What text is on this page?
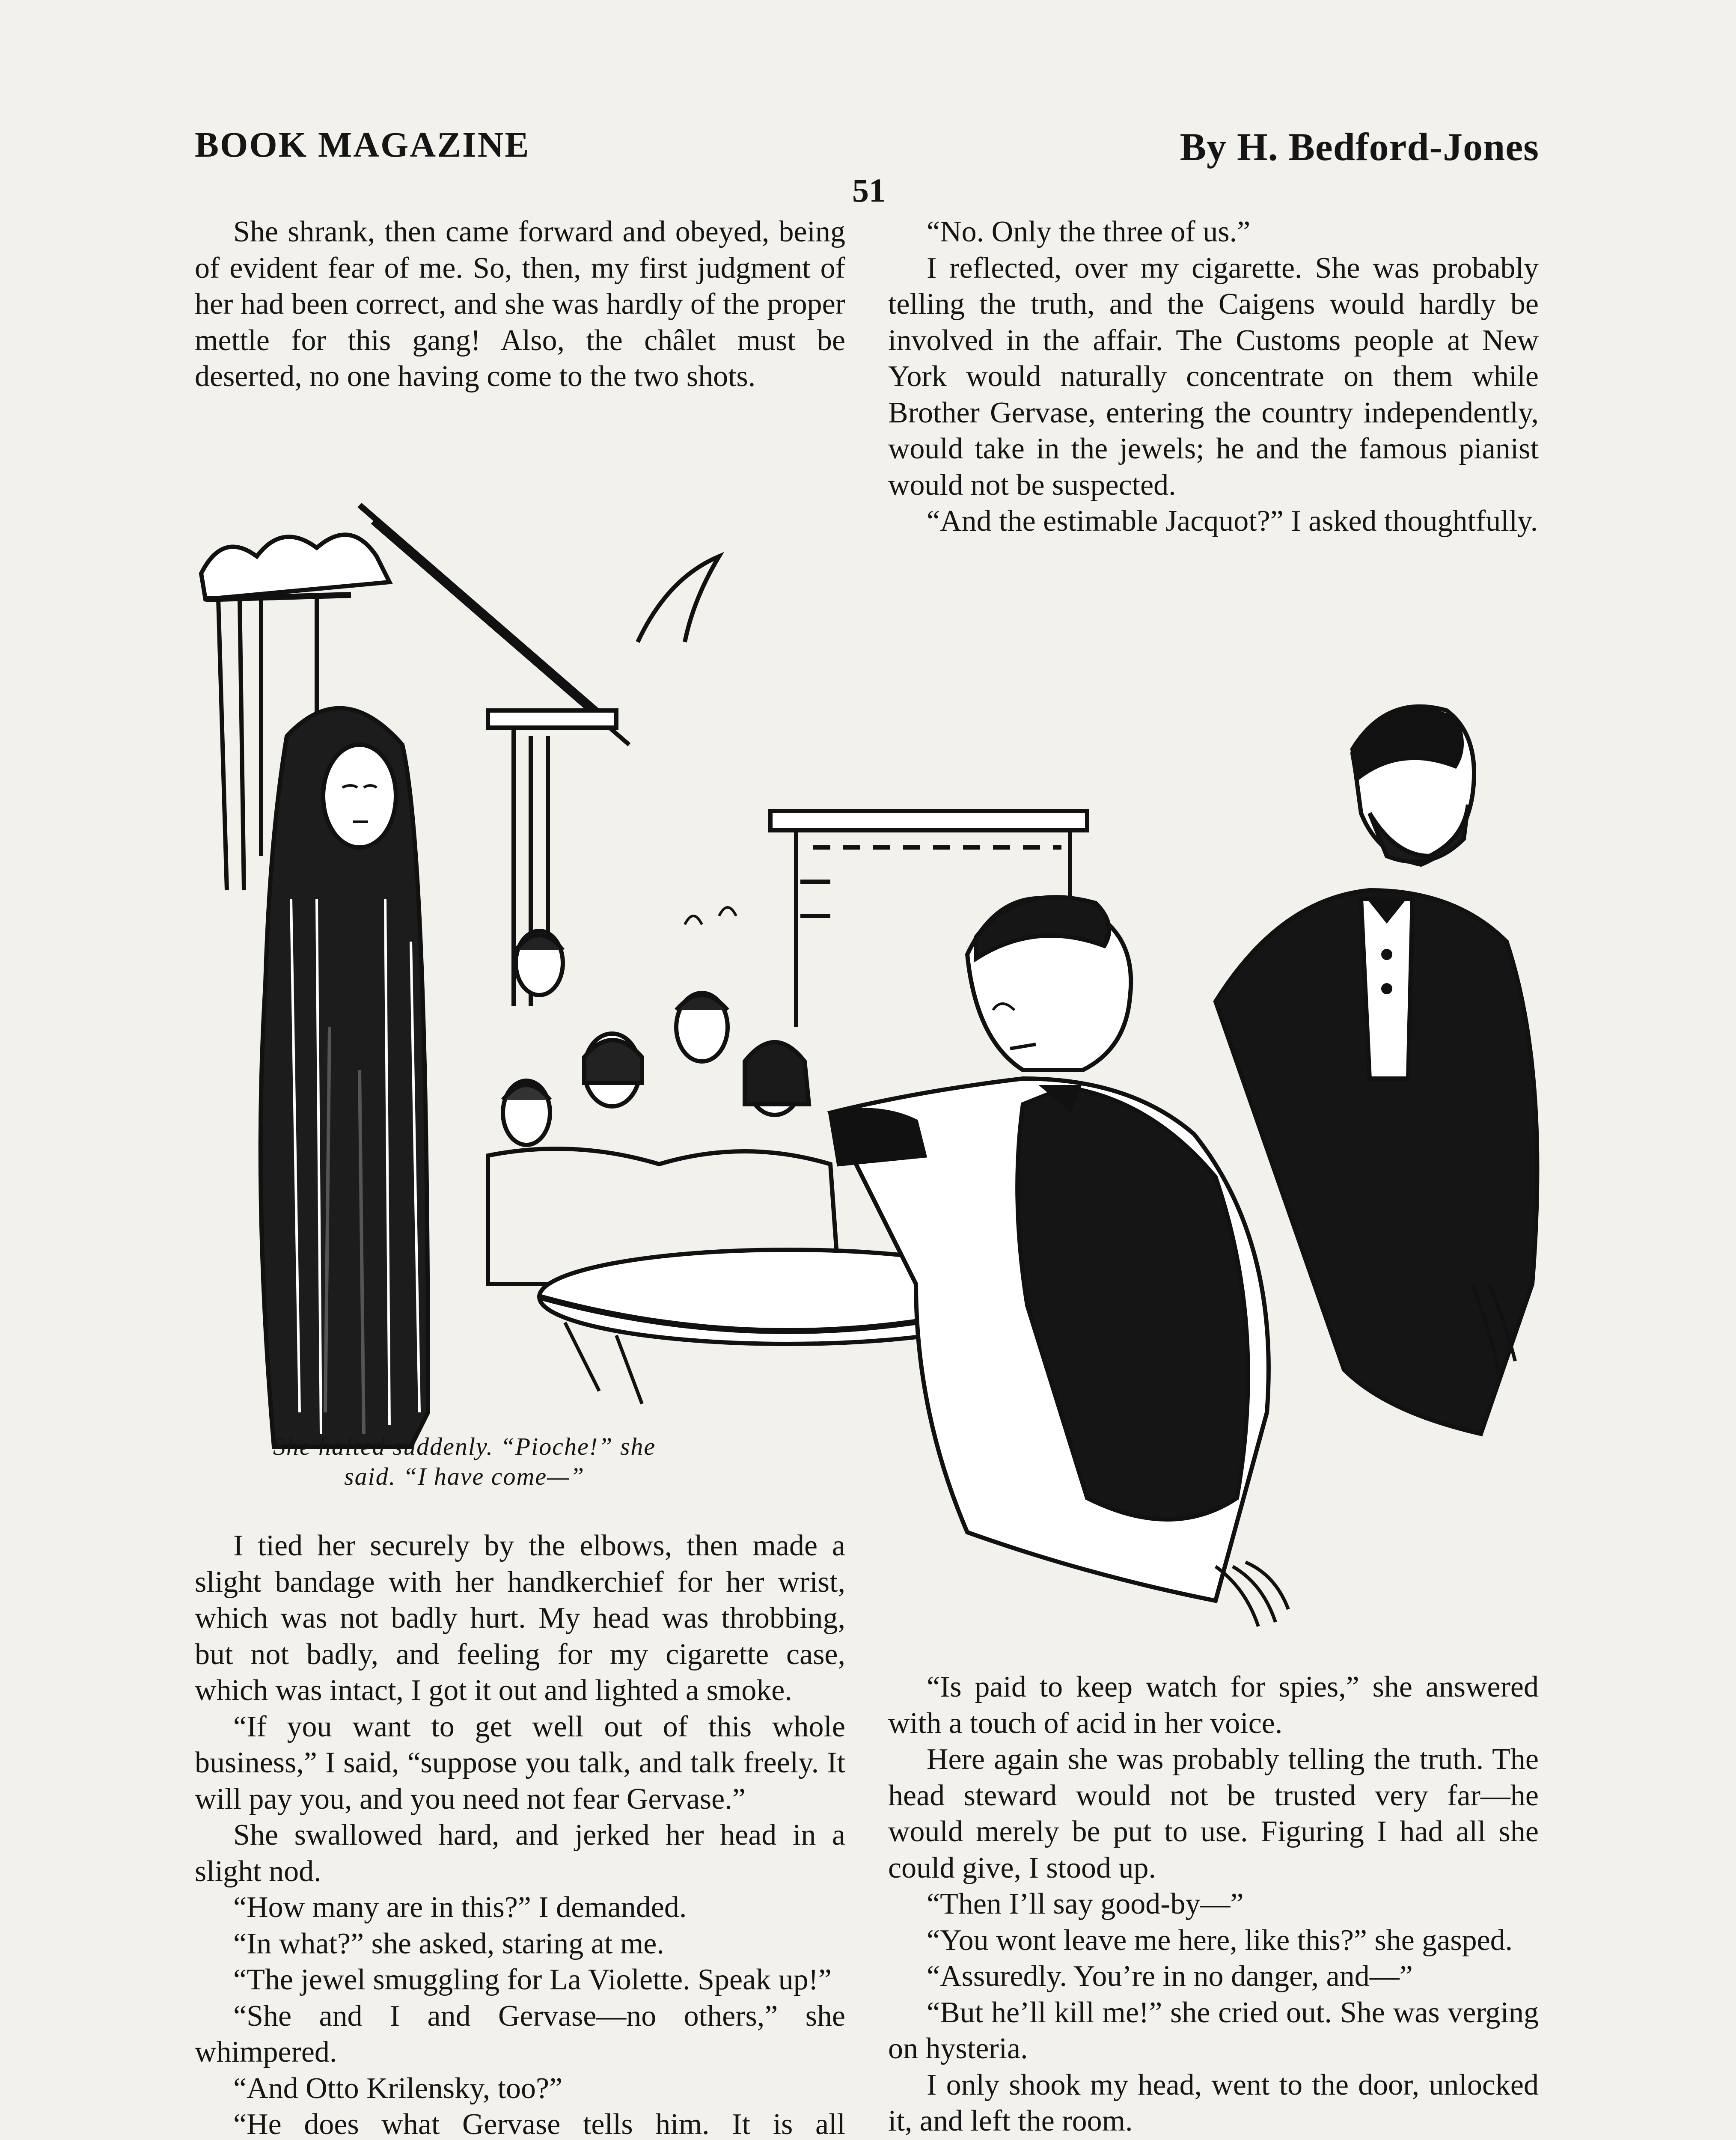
BOOK MAGAZINE	By H. Bedford-Jones
51

She shrank, then came forward and obeyed, being of evident fear of me. So, then, my first judgment of her had been correct, and she was hardly of the proper mettle for this gang! Also, the châlet must be deserted, no one having come to the two shots.

“No. Only the three of us.”

I reflected, over my cigarette. She was probably telling the truth, and the Caigens would hardly be involved in the affair. The Customs people at New York would naturally concentrate on them while Brother Gervase, entering the country independently, would take in the jewels; he and the famous pianist would not be suspected.

“And the estimable Jacquot?” I asked thoughtfully.

She halted suddenly. “Pioche!” she
said. “I have come—”

I tied her securely by the elbows, then made a slight bandage with her handkerchief for her wrist, which was not badly hurt. My head was throbbing, but not badly, and feeling for my cigarette case, which was intact, I got it out and lighted a smoke.

“If you want to get well out of this whole business,” I said, “suppose you talk, and talk freely. It will pay you, and you need not fear Gervase.”

She swallowed hard, and jerked her head in a slight nod.

“How many are in this?” I demanded.

“In what?” she asked, staring at me.

“The jewel smuggling for La Violette. Speak up!”

“She and I and Gervase—no others,” she whimpered.

“And Otto Krilensky, too?”

“He does what Gervase tells him. It is all

“Is paid to keep watch for spies,” she answered with a touch of acid in her voice.

Here again she was probably telling the truth. The head steward would not be trusted very far—he would merely be put to use. Figuring I had all she could give, I stood up.

“Then I’ll say good-by—”

“You wont leave me here, like this?” she gasped.

“Assuredly. You’re in no danger, and—”

“But he’ll kill me!” she cried out. She was verging on hysteria.

I only shook my head, went to the door, unlocked it, and left the room.
